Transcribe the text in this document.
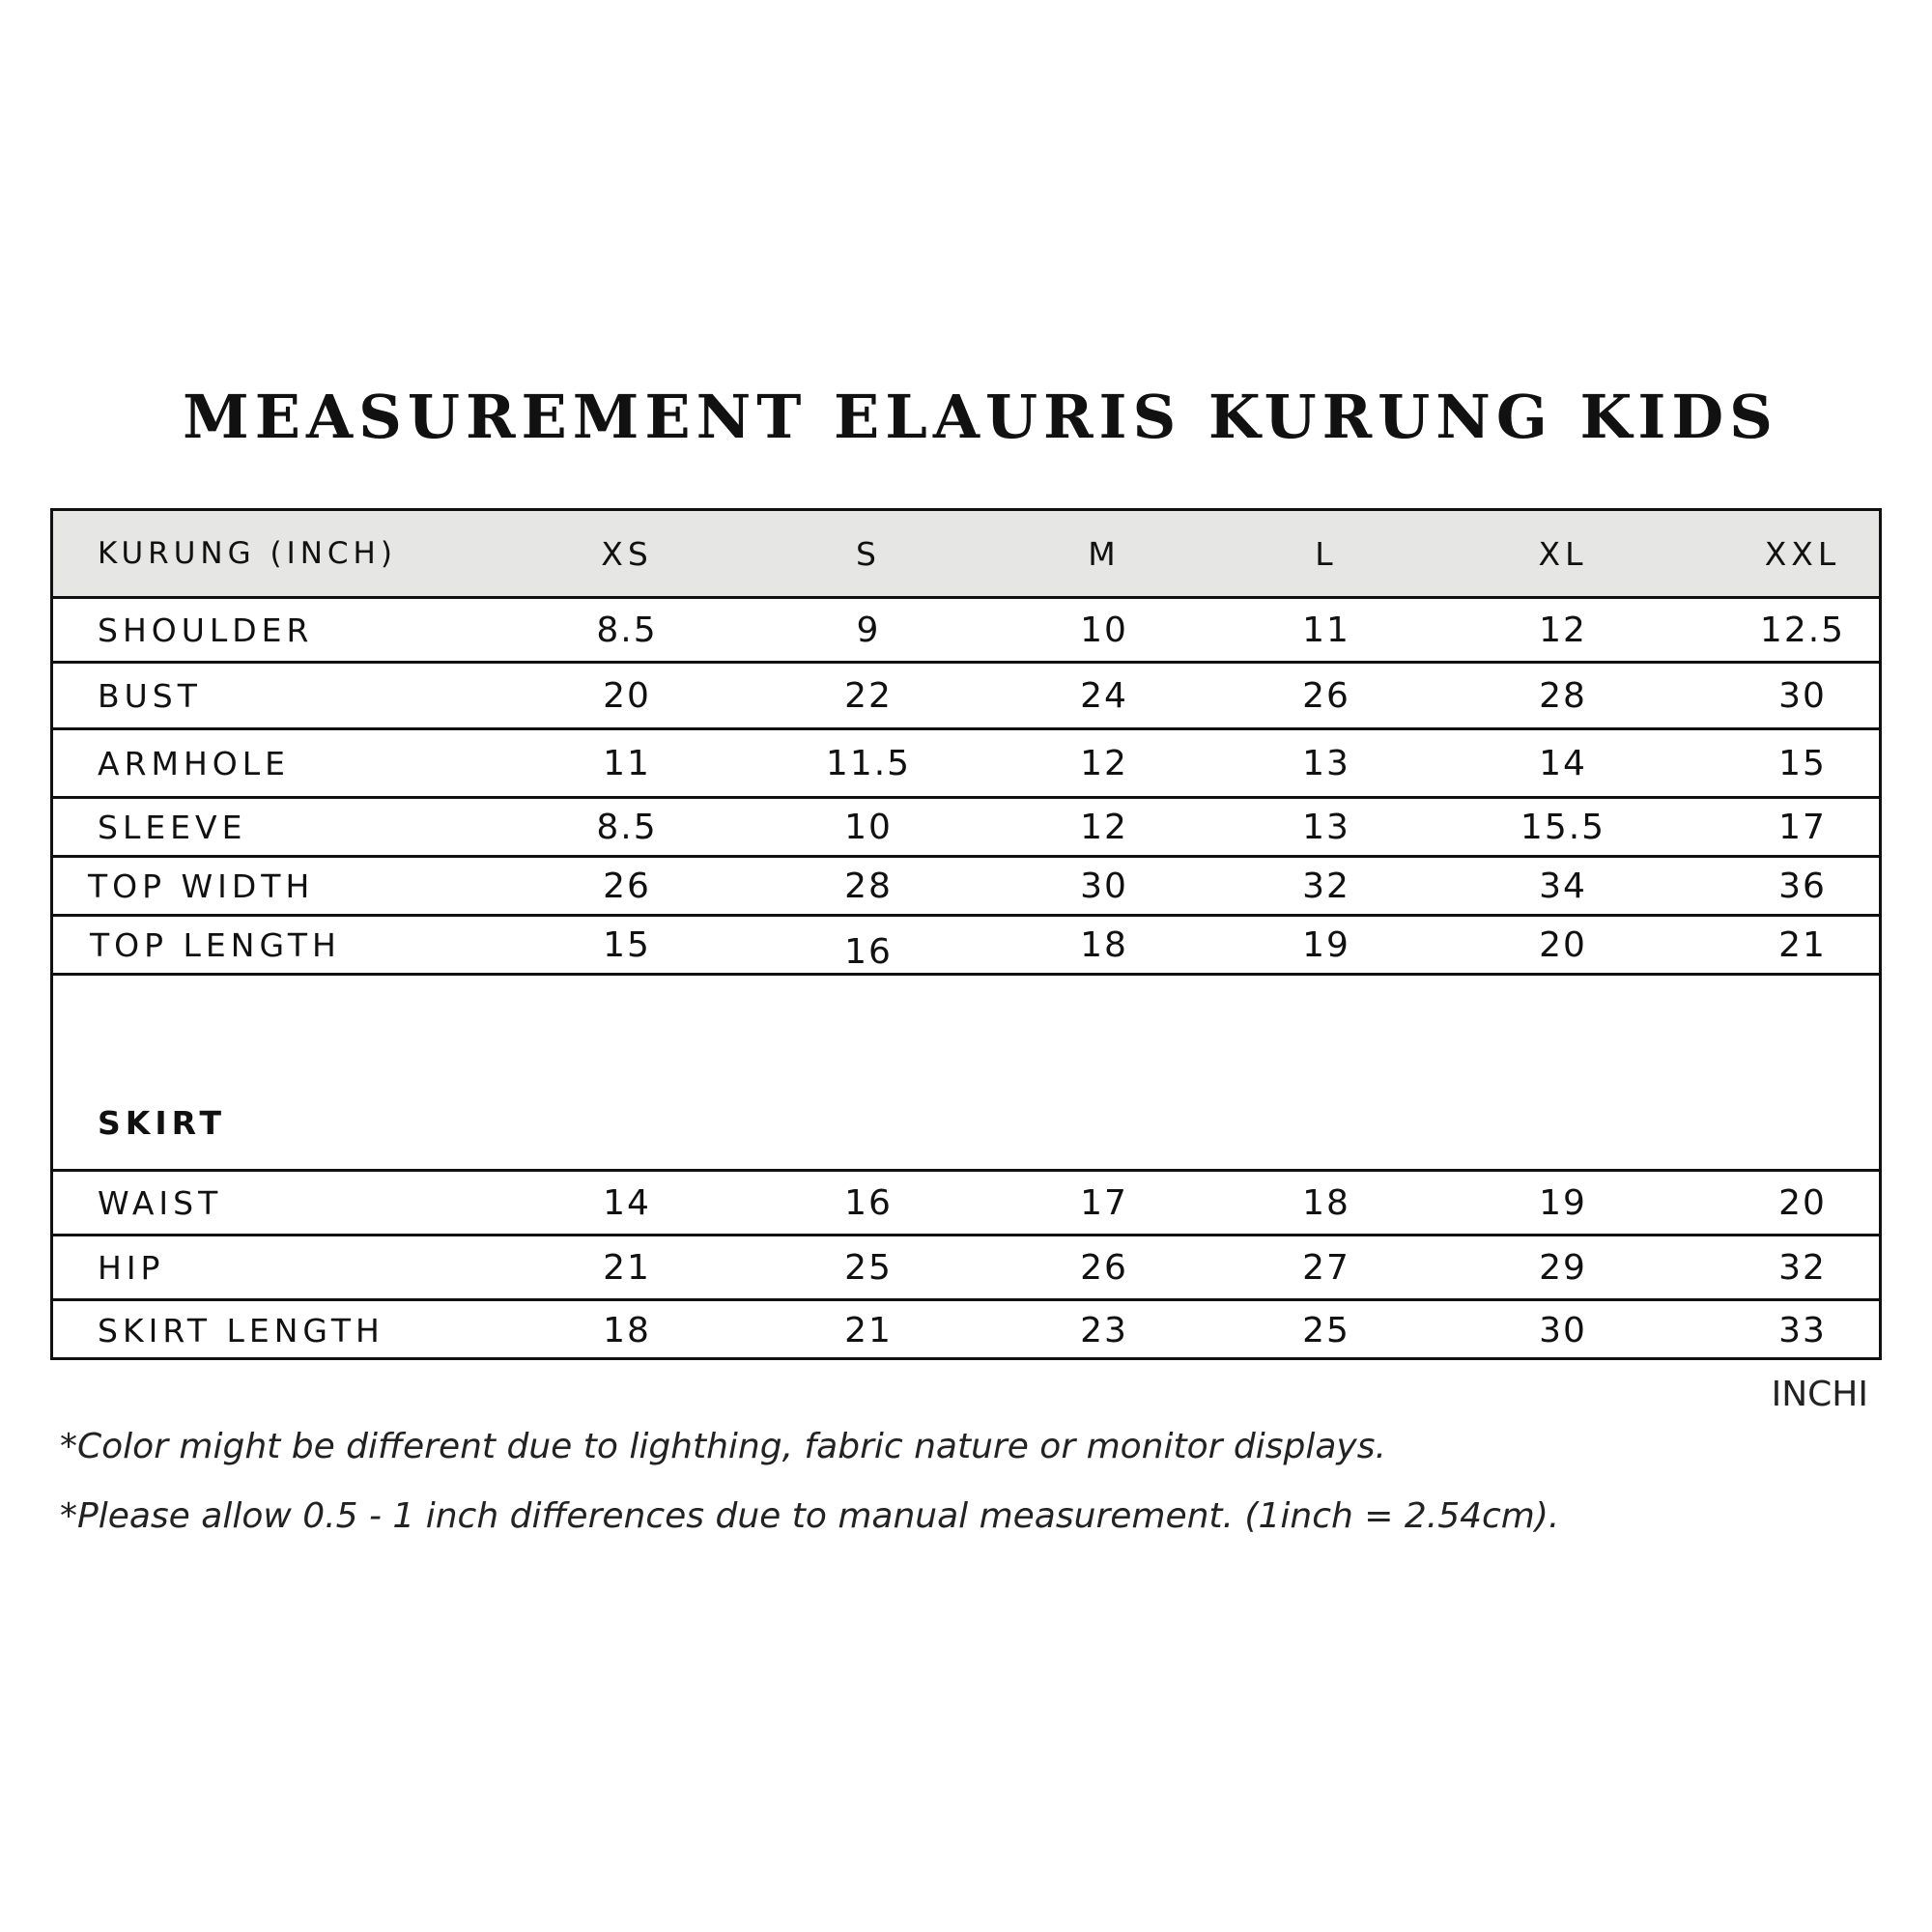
MEASUREMENT ELAURIS KURUNG KIDS
KURUNG (INCH)	XS	S	M	L	XL	XXL
SHOULDER	8.5	9	10	11	12	12.5
BUST	20	22	24	26	28	30
ARMHOLE	11	11.5	12	13	14	15
SLEEVE	8.5	10	12	13	15.5	17
TOP WIDTH	26	28	30	32	34	36
TOP LENGTH	15	16	18	19	20	21
SKIRT
WAIST	14	16	17	18	19	20
HIP	21	25	26	27	29	32
SKIRT LENGTH	18	21	23	25	30	33
INCHI
*Color might be different due to lighthing, fabric nature or monitor displays.
*Please allow 0.5 - 1 inch differences due to manual measurement. (1inch = 2.54cm).
